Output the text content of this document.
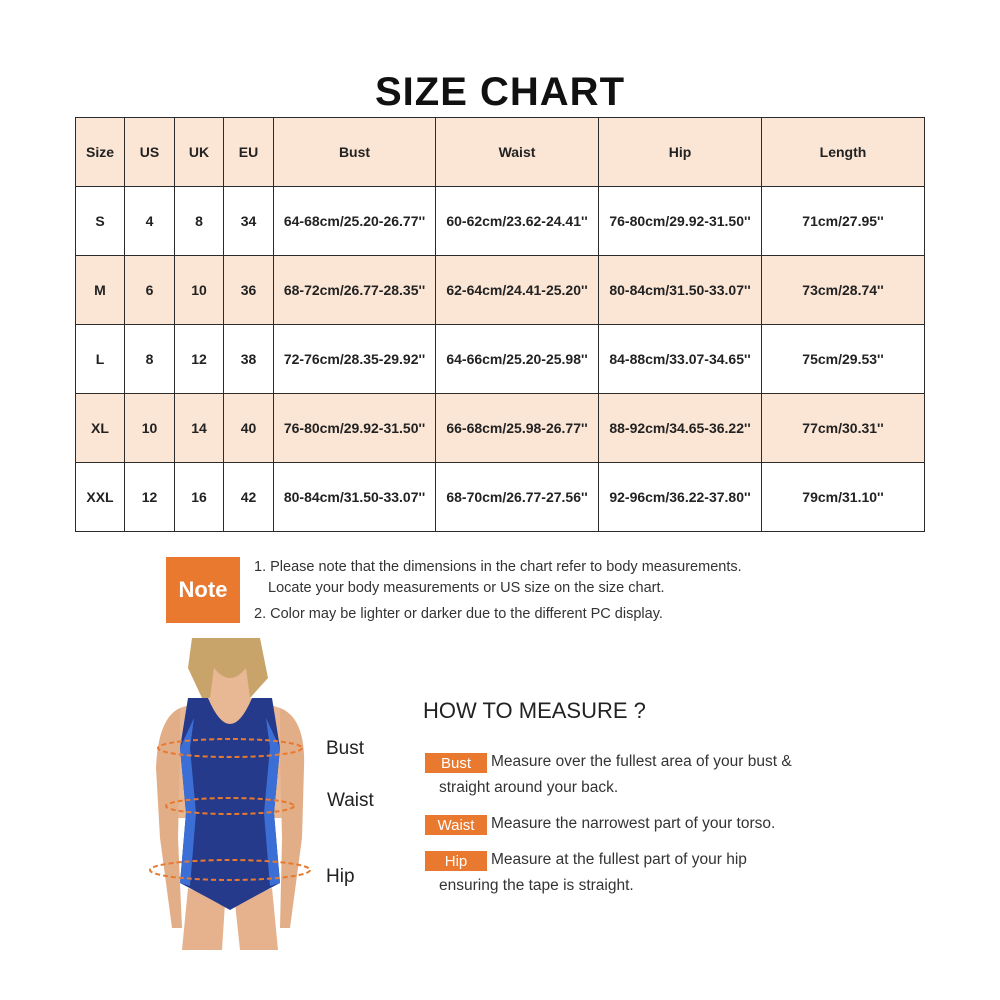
SIZE CHART
Size	US	UK	EU	Bust	Waist	Hip	Length
S	4	8	34	64-68cm/25.20-26.77''	60-62cm/23.62-24.41''	76-80cm/29.92-31.50''	71cm/27.95''
M	6	10	36	68-72cm/26.77-28.35''	62-64cm/24.41-25.20''	80-84cm/31.50-33.07''	73cm/28.74''
L	8	12	38	72-76cm/28.35-29.92''	64-66cm/25.20-25.98''	84-88cm/33.07-34.65''	75cm/29.53''
XL	10	14	40	76-80cm/29.92-31.50''	66-68cm/25.98-26.77''	88-92cm/34.65-36.22''	77cm/30.31''
XXL	12	16	42	80-84cm/31.50-33.07''	68-70cm/26.77-27.56''	92-96cm/36.22-37.80''	79cm/31.10''
Note
1. Please note that the dimensions in the chart refer to body measurements.
Locate your body measurements or US size on the size chart.
2. Color may be lighter or darker due to the different PC display.
Bust
Waist
Hip
HOW TO MEASURE ?
Bust	Measure over the fullest area of your bust &
straight around your back.
Waist	Measure the narrowest part of your torso.
Hip	Measure at the fullest part of your hip
ensuring the tape is straight.
